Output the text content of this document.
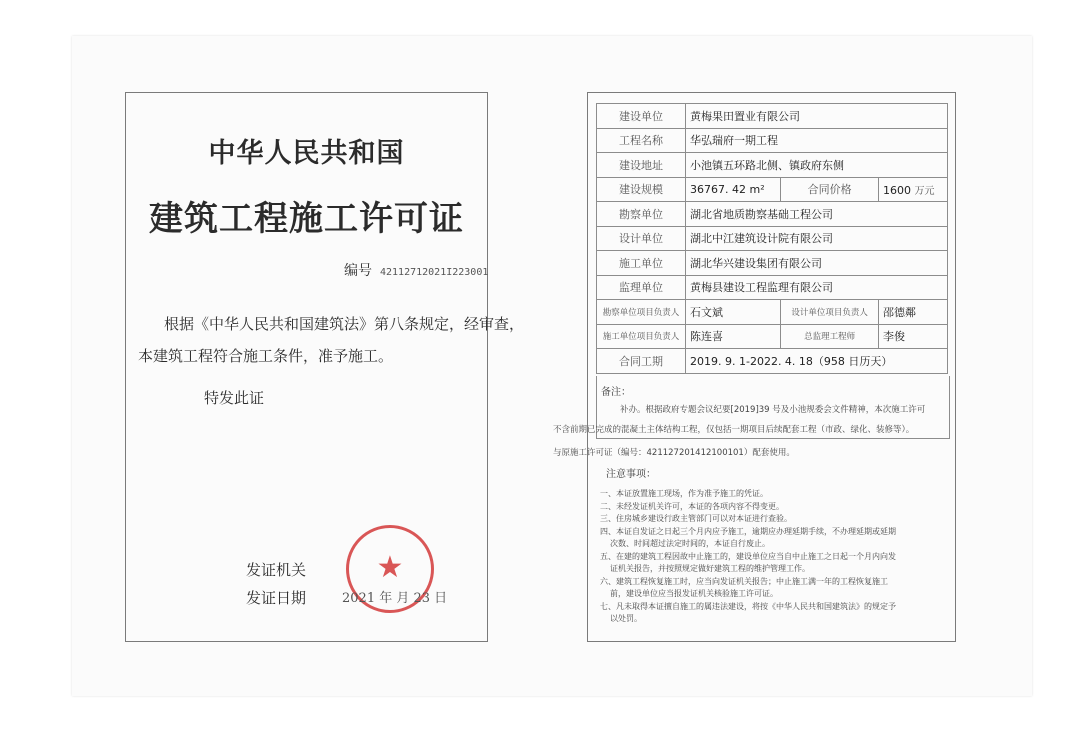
中华人民共和国
建筑工程施工许可证
编号 42112712021I223001
根据《中华人民共和国建筑法》第八条规定，经审查，
本建筑工程符合施工条件，准予施工。
特发此证
★
发证机关
发证日期	2021 年 月 23 日
建设单位	黄梅果田置业有限公司		
工程名称	华弘瑞府一期工程		
建设地址	小池镇五环路北侧、镇政府东侧		
建设规模	36767. 42 m²	合同价格	1600 万元
勘察单位	湖北省地质勘察基础工程公司		
设计单位	湖北中江建筑设计院有限公司		
施工单位	湖北华兴建设集团有限公司		
监理单位	黄梅县建设工程监理有限公司		
勘察单位项目负责人	石文斌	设计单位项目负责人	邵德鄰
施工单位项目负责人	陈连喜	总监理工程师	李俊
合同工期	2019. 9. 1-2022. 4. 18（958 日历天）		
备注：
补办。根据政府专题会议纪要[2019]39 号及小池规委会文件精神，本次施工许可
不含前期已完成的混凝土主体结构工程，仅包括一期项目后续配套工程（市政、绿化、装修等）。
与原施工许可证（编号：421127201412100101）配套使用。
注意事项：
一、本证放置施工现场，作为准予施工的凭证。
二、未经发证机关许可，本证的各项内容不得变更。
三、住房城乡建设行政主管部门可以对本证进行查验。
四、本证自发证之日起三个月内应予施工，逾期应办理延期手续，不办理延期或延期
次数、时间超过法定时间的，本证自行废止。
五、在建的建筑工程因故中止施工的，建设单位应当自中止施工之日起一个月内向发
证机关报告，并按照规定做好建筑工程的维护管理工作。
六、建筑工程恢复施工时，应当向发证机关报告；中止施工满一年的工程恢复施工
前，建设单位应当报发证机关核验施工许可证。
七、凡未取得本证擅自施工的属违法建设，将按《中华人民共和国建筑法》的规定予
以处罚。
